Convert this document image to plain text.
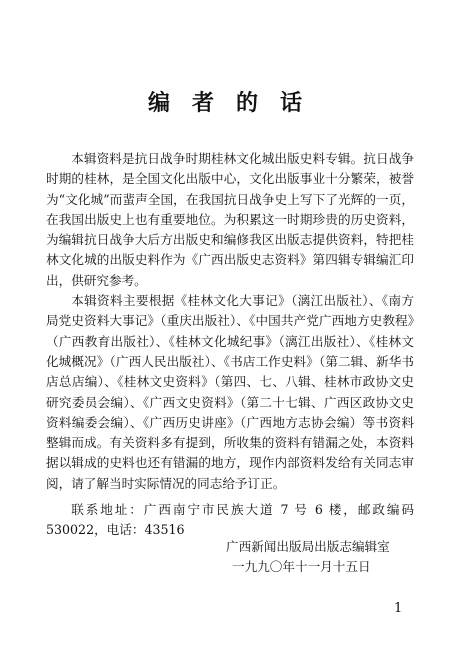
编者的话

本辑资料是抗日战争时期桂林文化城出版史料专辑。抗日战争时期的桂林，是全国文化出版中心，文化出版事业十分繁荣，被誉为“文化城”而蜚声全国，在我国抗日战争史上写下了光辉的一页，在我国出版史上也有重要地位。为积累这一时期珍贵的历史资料，为编辑抗日战争大后方出版史和编修我区出版志提供资料，特把桂林文化城的出版史料作为《广西出版史志资料》第四辑专辑编汇印出，供研究参考。

本辑资料主要根据《桂林文化大事记》（漓江出版社）、《南方局党史资料大事记》（重庆出版社）、《中国共产党广西地方史教程》（广西教育出版社）、《桂林文化城纪事》（漓江出版社）、《桂林文化城概况》（广西人民出版社）、《书店工作史料》（第二辑、新华书店总店编）、《桂林文史资料》（第四、七、八辑、桂林市政协文史研究委员会编）、《广西文史资料》（第二十七辑、广西区政协文史资料编委会编）、《广西历史讲座》（广西地方志协会编）等书资料整辑而成。有关资料多有提到，所收集的资料有错漏之处，本资料据以辑成的史料也还有错漏的地方，现作内部资料发给有关同志审阅，请了解当时实际情况的同志给予订正。

联系地址：广西南宁市民族大道 7 号 6 楼，邮政编码 530022，电话：43516

广西新闻出版局出版志编辑室
一九九〇年十一月十五日
1
